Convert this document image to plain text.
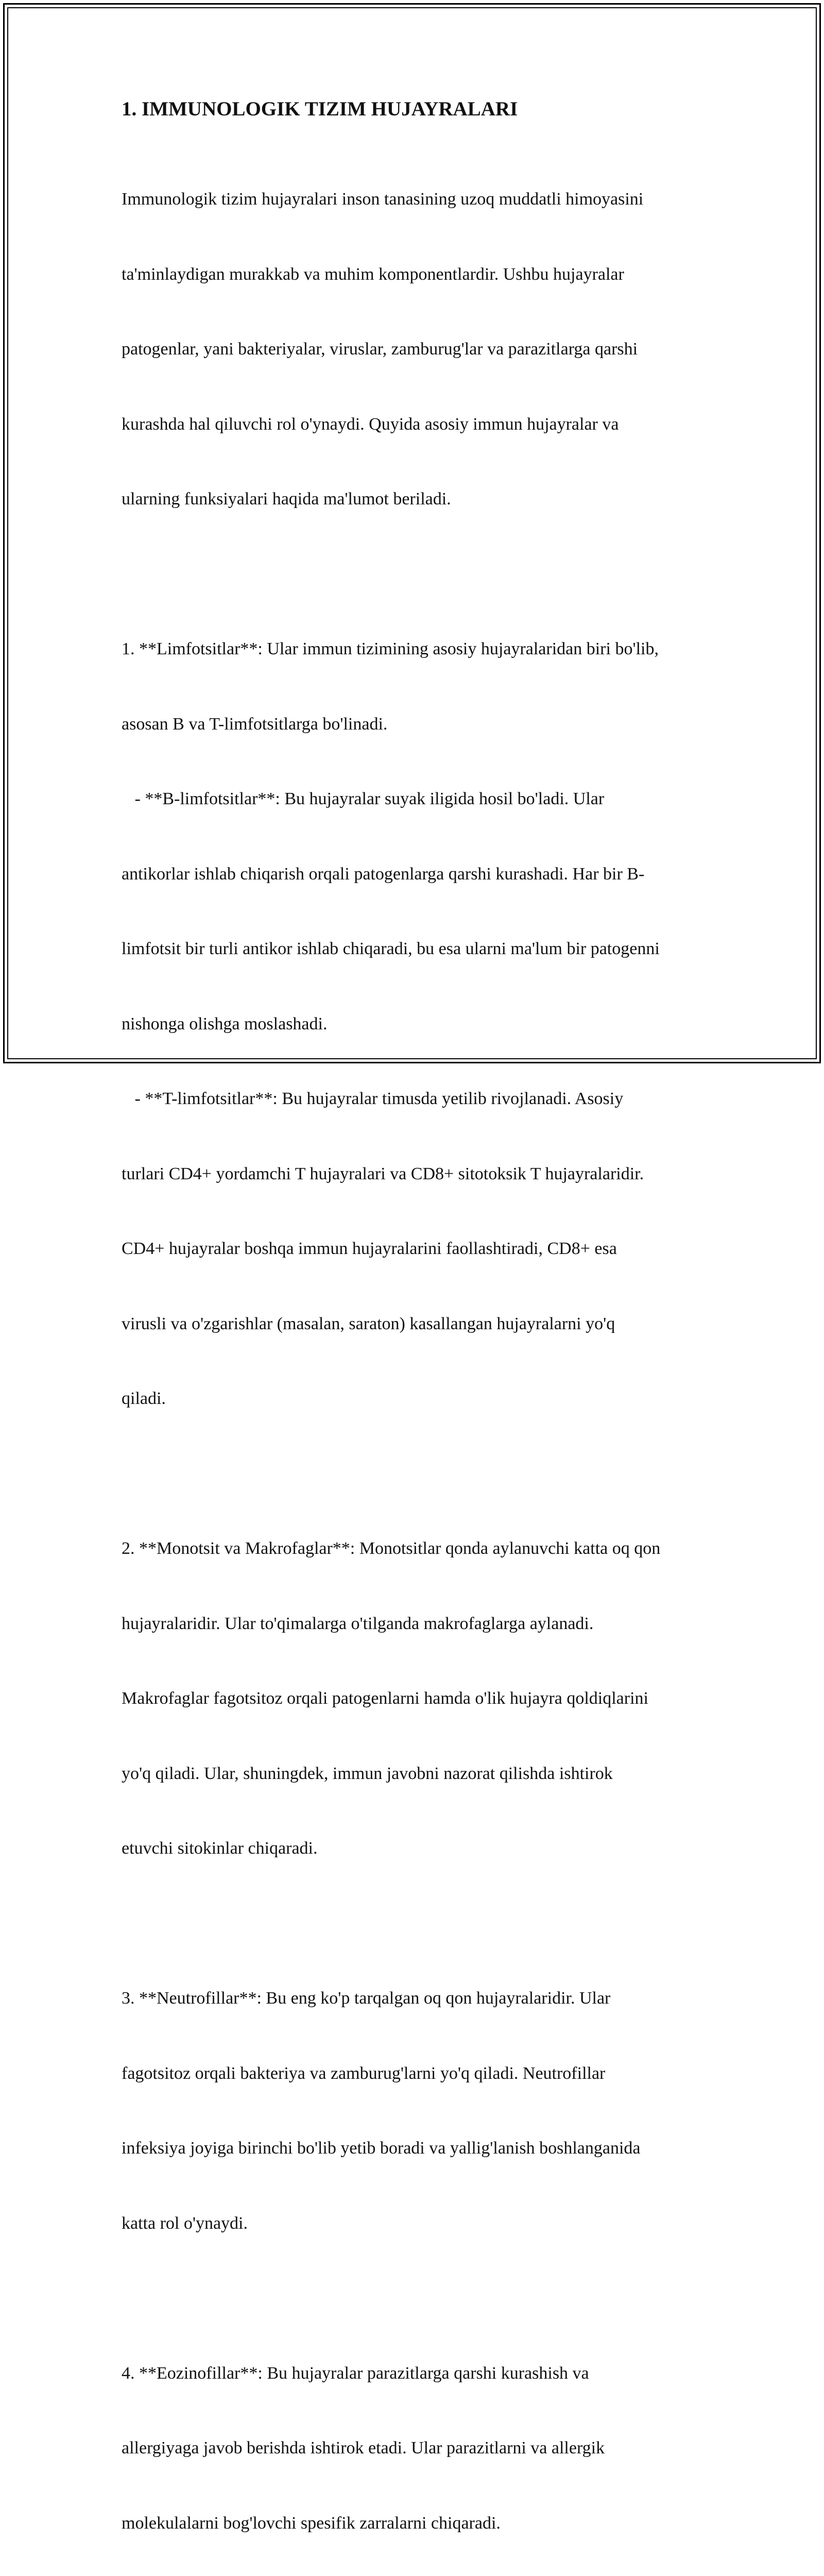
1. IMMUNOLOGIK TIZIM HUJAYRALARI

Immunologik tizim hujayralari inson tanasining uzoq muddatli himoyasini

ta'minlaydigan murakkab va muhim komponentlardir. Ushbu hujayralar

patogenlar, yani bakteriyalar, viruslar, zamburug'lar va parazitlarga qarshi

kurashda hal qiluvchi rol o'ynaydi. Quyida asosiy immun hujayralar va

ularning funksiyalari haqida ma'lumot beriladi.

1. **Limfotsitlar**: Ular immun tizimining asosiy hujayralaridan biri bo'lib,

asosan B va T-limfotsitlarga bo'linadi.

- **B-limfotsitlar**: Bu hujayralar suyak iligida hosil bo'ladi. Ular

antikorlar ishlab chiqarish orqali patogenlarga qarshi kurashadi. Har bir B-

limfotsit bir turli antikor ishlab chiqaradi, bu esa ularni ma'lum bir patogenni

nishonga olishga moslashadi.

- **T-limfotsitlar**: Bu hujayralar timusda yetilib rivojlanadi. Asosiy

turlari CD4+ yordamchi T hujayralari va CD8+ sitotoksik T hujayralaridir.

CD4+ hujayralar boshqa immun hujayralarini faollashtiradi, CD8+ esa

virusli va o'zgarishlar (masalan, saraton) kasallangan hujayralarni yo'q

qiladi.

2. **Monotsit va Makrofaglar**: Monotsitlar qonda aylanuvchi katta oq qon

hujayralaridir. Ular to'qimalarga o'tilganda makrofaglarga aylanadi.

Makrofaglar fagotsitoz orqali patogenlarni hamda o'lik hujayra qoldiqlarini

yo'q qiladi. Ular, shuningdek, immun javobni nazorat qilishda ishtirok

etuvchi sitokinlar chiqaradi.

3. **Neutrofillar**: Bu eng ko'p tarqalgan oq qon hujayralaridir. Ular

fagotsitoz orqali bakteriya va zamburug'larni yo'q qiladi. Neutrofillar

infeksiya joyiga birinchi bo'lib yetib boradi va yallig'lanish boshlanganida

katta rol o'ynaydi.

4. **Eozinofillar**: Bu hujayralar parazitlarga qarshi kurashish va

allergiyaga javob berishda ishtirok etadi. Ular parazitlarni va allergik

molekulalarni bog'lovchi spesifik zarralarni chiqaradi.
